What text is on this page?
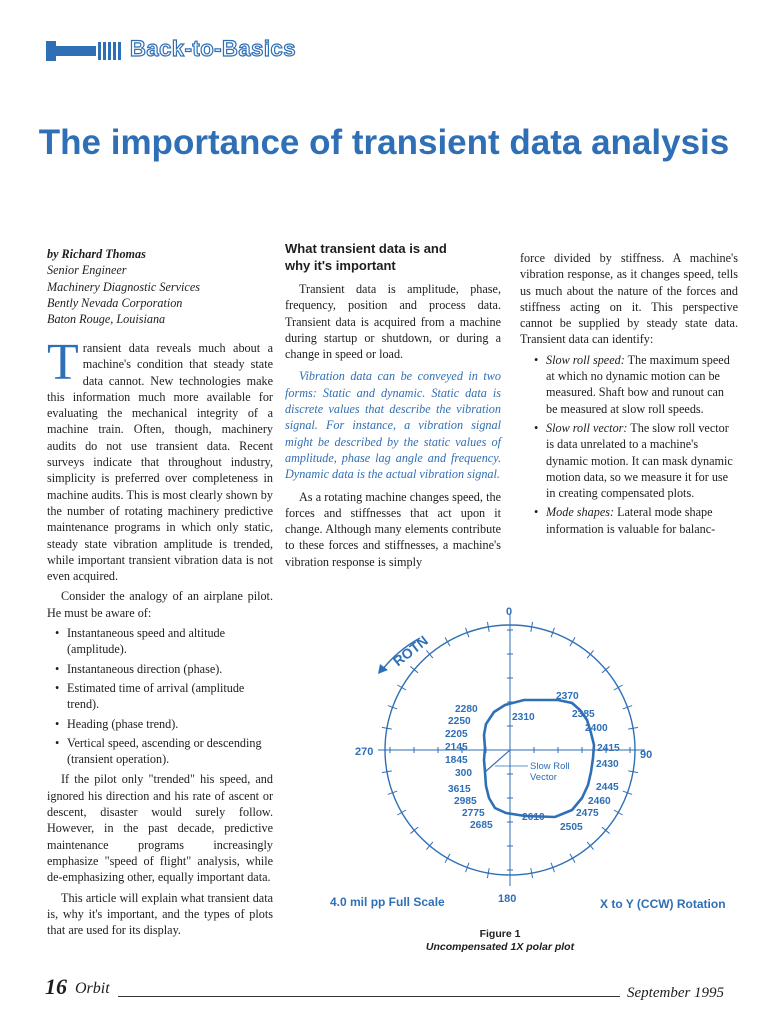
Back-to-Basics
The importance of transient data analysis

by Richard Thomas

Senior Engineer

Machinery Diagnostic Services

Bently Nevada Corporation

Baton Rouge, Louisiana

Transient data reveals much about a machine's condition that steady state data cannot. New technologies make this information much more available for evaluating the mechanical integrity of a machine train. Often, though, machinery audits do not use transient data. Recent surveys indicate that throughout industry, simplicity is preferred over completeness in machine audits. This is most clearly shown by the number of rotating machinery predictive maintenance programs in which only static, steady state vibration amplitude is trended, while important transient vibration data is not even acquired.

Consider the analogy of an airplane pilot. He must be aware of:

• Instantaneous speed and altitude (amplitude).
• Instantaneous direction (phase).
• Estimated time of arrival (amplitude trend).
• Heading (phase trend).
• Vertical speed, ascending or descending (transient operation).

If the pilot only "trended" his speed, and ignored his direction and his rate of ascent or descent, disaster would surely follow. However, in the past decade, predictive maintenance programs increasingly emphasize "speed of flight" analysis, while de-emphasizing other, equally important data.

This article will explain what transient data is, why it's important, and the types of plots that are used for its display.

What transient data is and
why it's important

Transient data is amplitude, phase, frequency, position and process data. Transient data is acquired from a machine during startup or shutdown, or during a change in speed or load.

Vibration data can be conveyed in two forms: Static and dynamic. Static data is discrete values that describe the vibration signal. For instance, a vibration signal might be described by the static values of amplitude, phase lag angle and frequency. Dynamic data is the actual vibration signal.

As a rotating machine changes speed, the forces and stiffnesses that act upon it change. Although many elements contribute to these forces and stiffnesses, a machine's vibration response is simply

force divided by stiffness. A machine's vibration response, as it changes speed, tells us much about the nature of the forces and stiffness acting on it. This perspective cannot be supplied by steady state data. Transient data can identify:

• Slow roll speed: The maximum speed at which no dynamic motion can be measured. Shaft bow and runout can be measured at slow roll speeds.
• Slow roll vector: The slow roll vector is data unrelated to a machine's dynamic motion. It can mask dynamic motion data, so we measure it for use in creating compensated plots.
• Mode shapes: Lateral mode shape information is valuable for balanc-
0
90
180
270
ROTN
2280
2250
2205
2145
1845
300
3615
2985
2775
2685
2310
2370
2385
2400
2415
2430
2445
2460
2475
2505
2610
Slow Roll
Vector
4.0 mil pp Full Scale	X to Y (CCW) Rotation
Figure 1
Uncompensated 1X polar plot
16 Orbit	September 1995
